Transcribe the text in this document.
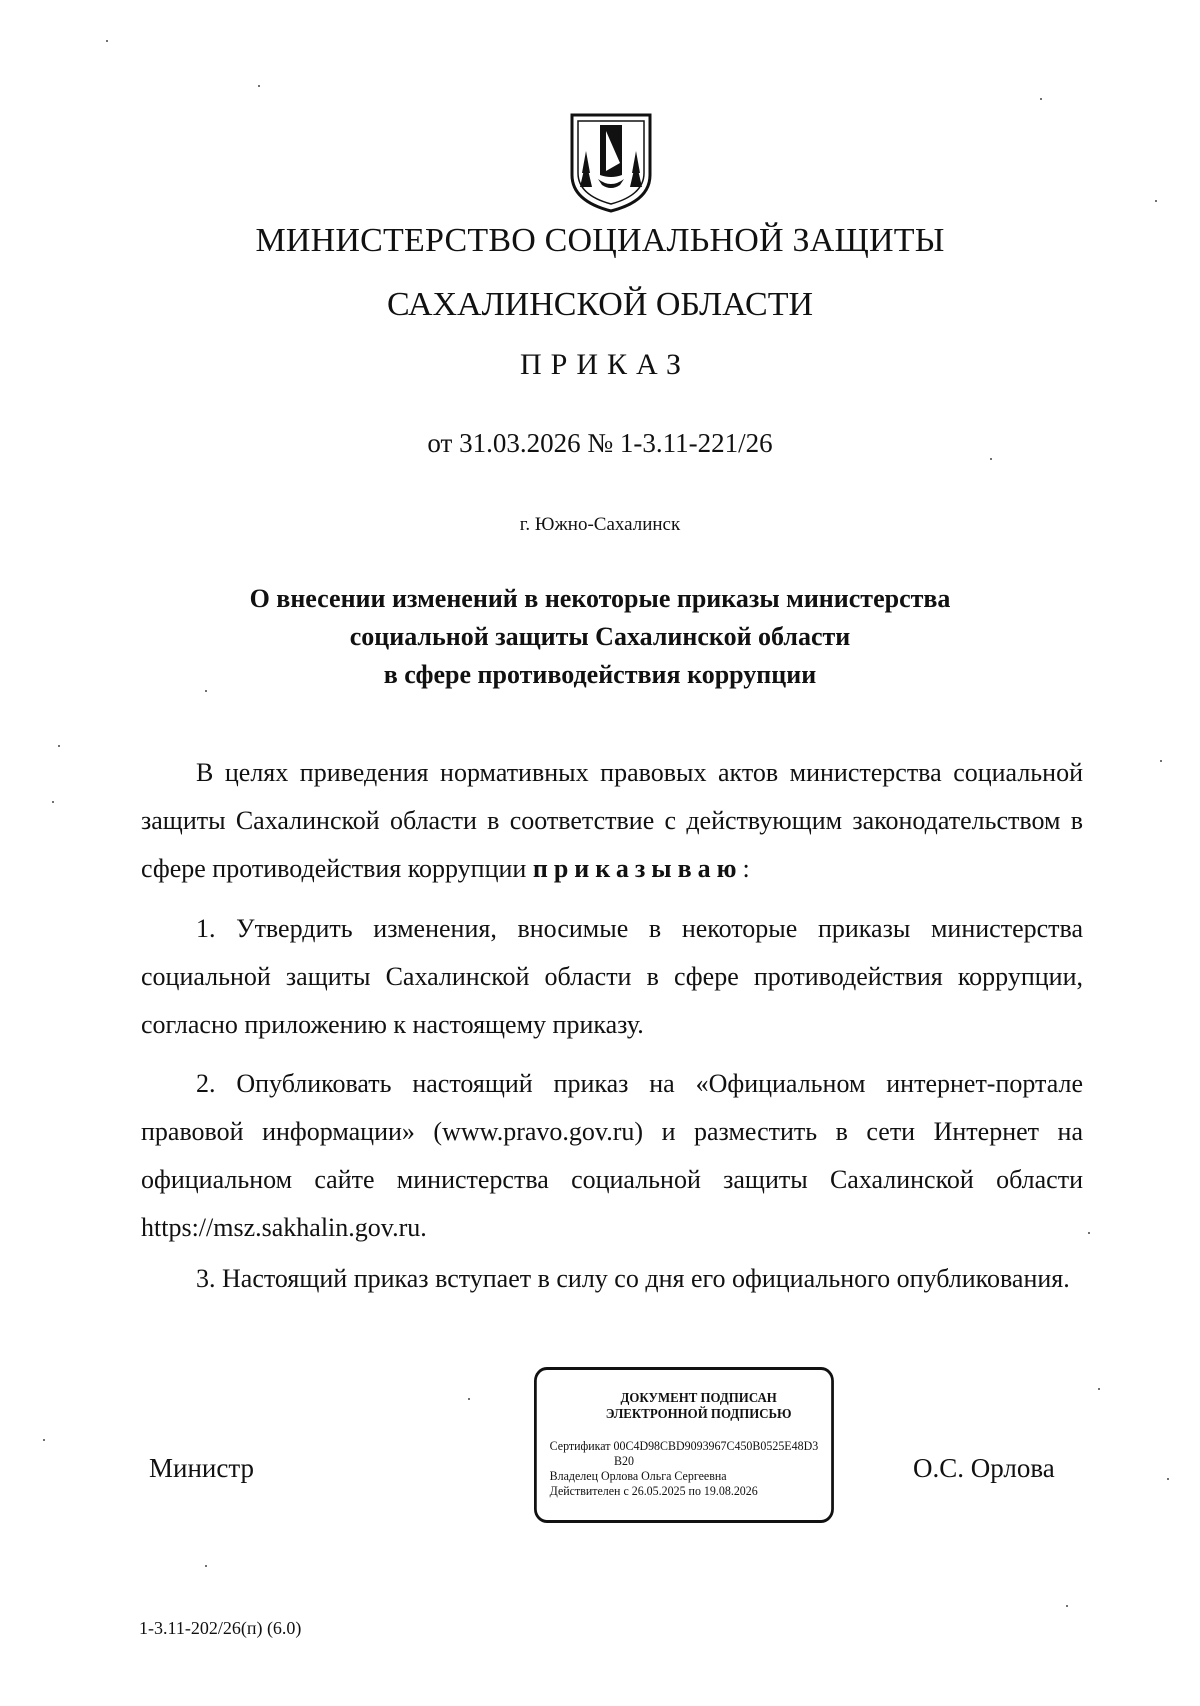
МИНИСТЕРСТВО СОЦИАЛЬНОЙ ЗАЩИТЫ
САХАЛИНСКОЙ ОБЛАСТИ
ПРИКАЗ
от 31.03.2026 № 1-3.11-221/26
г. Южно-Сахалинск
О внесении изменений в некоторые приказы министерства
социальной защиты Сахалинской области
в сфере противодействия коррупции
В целях приведения нормативных правовых актов министерства социальной защиты Сахалинской области в соответствие с действующим законодательством в сфере противодействия коррупции приказываю:
1. Утвердить изменения, вносимые в некоторые приказы министерства социальной защиты Сахалинской области в сфере противодействия коррупции, согласно приложению к настоящему приказу.
2. Опубликовать настоящий приказ на «Официальном интернет-портале правовой информации» (www.pravo.gov.ru) и разместить в сети Интернет на официальном сайте министерства социальной защиты Сахалинской области https://msz.sakhalin.gov.ru.
3. Настоящий приказ вступает в силу со дня его официального опубликования.
Министр
ДОКУМЕНТ ПОДПИСАН
ЭЛЕКТРОННОЙ ПОДПИСЬЮ
Сертификат 00C4D98CBD9093967C450B0525E48D3
B20
Владелец Орлова Ольга Сергеевна
Действителен с 26.05.2025 по 19.08.2026
О.С. Орлова
1-3.11-202/26(п) (6.0)
